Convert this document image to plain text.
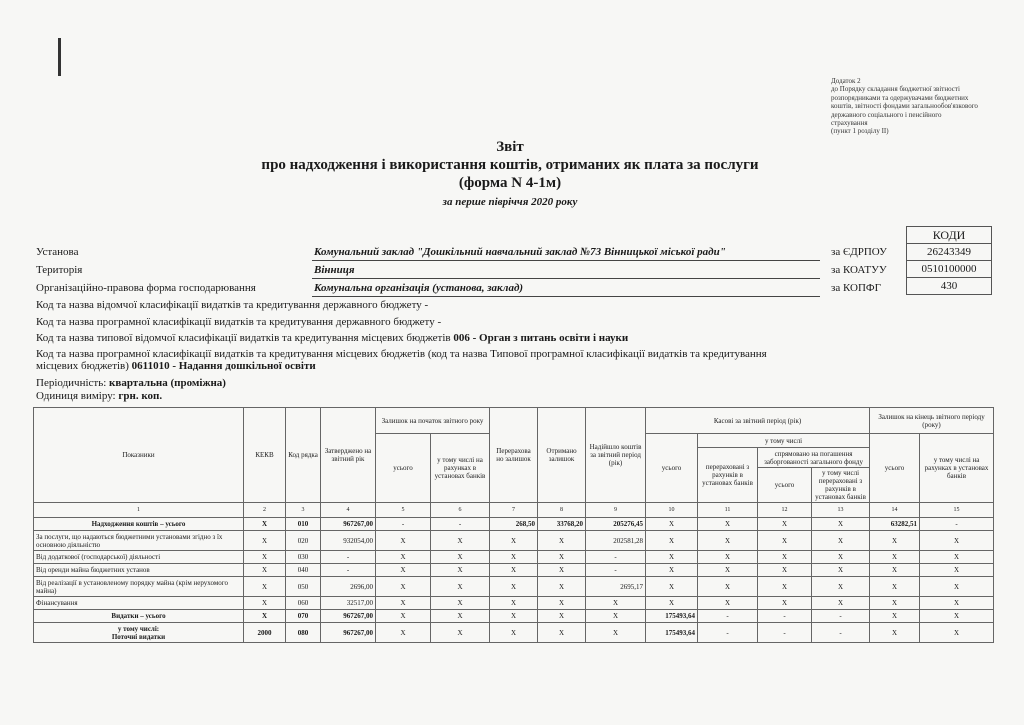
Додаток 2
до Порядку складання бюджетної звітності
розпорядниками та одержувачами бюджетних
коштів, звітності фондами загальнообов'язкового
державного соціального і пенсійного
страхування
(пункт 1 розділу II)
Звіт
про надходження і використання коштів, отриманих як плата за послуги
(форма N 4-1м)
за перше півріччя 2020 року
КОДИ
26243349
0510100000
430
за ЄДРПОУ
за КОАТУУ
за КОПФГ
Установа	Комунальний заклад "Дошкільний навчальний заклад №73 Вінницької міської ради"
Територія	Вінниця
Організаційно-правова форма господарювання	Комунальна організація (установа, заклад)
Код та назва відомчої класифікації видатків та кредитування державного бюджету -
Код та назва програмної класифікації видатків та кредитування державного бюджету -
Код та назва типової відомчої класифікації видатків та кредитування місцевих бюджетів 006 - Орган з питань освіти і науки
Код та назва програмної класифікації видатків та кредитування місцевих бюджетів (код та назва Типової програмної класифікації видатків та кредитування
місцевих бюджетів) 0611010 - Надання дошкільної освіти
Періодичність: квартальна (проміжна)
Одиниця виміру: грн. коп.
Показники	КЕКВ	Код рядка	Затверджено на звітний рік	Залишок на початок звітного року		Перерахова но залишок	Отримано залишок	Надійшло коштів за звітний період (рік)	Касові за звітний період (рік)				Залишок на кінець звітного періоду (року)	
				усього	у тому числі на рахунках в установах банків				усього	у тому числі			усього	у тому числі на рахунках в установах банків
										перераховані з рахунків в установах банків	спрямовано на погашення заборгованості загального фонду			
											усього	у тому числі перераховані з рахунків в установах банків		
1	2	3	4	5	6	7	8	9	10	11	12	13	14	15
Надходження коштів – усього	X	010	967267,00	-	-	268,50	33768,20	205276,45	X	X	X	X	63282,51	-
За послуги, що надаються бюджетними установами згідно з їх основною діяльністю	X	020	932054,00	X	X	X	X	202581,28	X	X	X	X	X	X
Від додаткової (господарської) діяльності	X	030	-	X	X	X	X	-	X	X	X	X	X	X
Від оренди майна бюджетних установ	X	040	-	X	X	X	X	-	X	X	X	X	X	X
Від реалізації в установленому порядку майна (крім нерухомого майна)	X	050	2696,00	X	X	X	X	2695,17	X	X	X	X	X	X
Фінансування	X	060	32517,00	X	X	X	X	X	X	X	X	X	X	X
Видатки – усього	X	070	967267,00	X	X	X	X	X	175493,64	-	-	-	X	X
у тому числі:
Поточні видатки	2000	080	967267,00	X	X	X	X	X	175493,64	-	-	-	X	X
